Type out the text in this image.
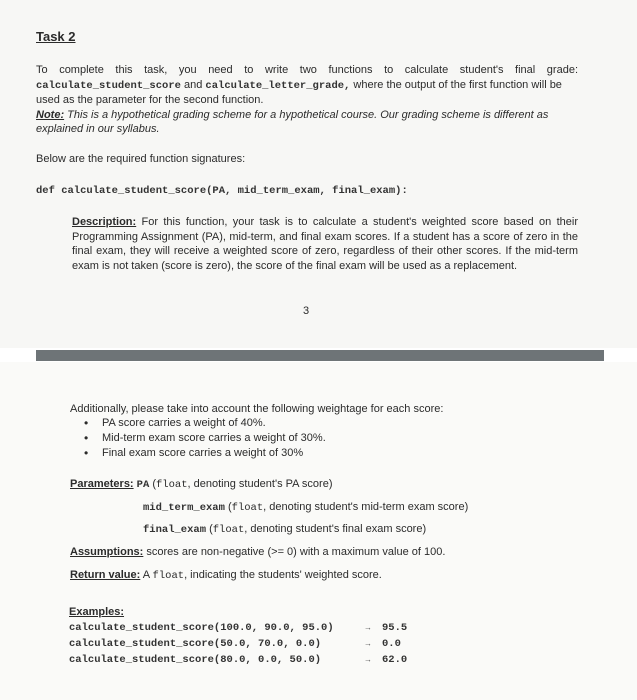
Task 2
To complete this task, you need to write two functions to calculate student's final grade:
calculate_student_score and calculate_letter_grade, where the output of the first function will be
used as the parameter for the second function.
Note: This is a hypothetical grading scheme for a hypothetical course. Our grading scheme is different as
explained in our syllabus.
Below are the required function signatures:
def calculate_student_score(PA, mid_term_exam, final_exam):
Description: For this function, your task is to calculate a student's weighted score based on their Programming Assignment (PA), mid-term, and final exam scores. If a student has a score of zero in the final exam, they will receive a weighted score of zero, regardless of their other scores. If the mid-term exam is not taken (score is zero), the score of the final exam will be used as a replacement.
3
Additionally, please take into account the following weightage for each score:
• PA score carries a weight of 40%.
• Mid-term exam score carries a weight of 30%.
• Final exam score carries a weight of 30%
Parameters: PA (float, denoting student's PA score)
mid_term_exam (float, denoting student's mid-term exam score)
final_exam (float, denoting student's final exam score)
Assumptions: scores are non-negative (>= 0) with a maximum value of 100.
Return value: A float, indicating the students' weighted score.
Examples:
calculate_student_score(100.0, 90.0, 95.0)
calculate_student_score(50.0, 70.0, 0.0)
calculate_student_score(80.0, 0.0, 50.0)
→
→
→
95.5
0.0
62.0
